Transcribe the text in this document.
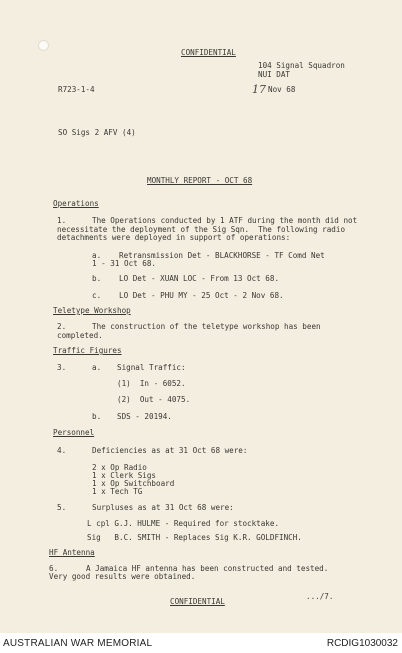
CONFIDENTIAL
104 Signal Squadron
NUI DAT
R723-1-4	17 Nov 68
SO Sigs 2 AFV (4)
MONTHLY REPORT - OCT 68
Operations
1.	The Operations conducted by 1 ATF during the month did not
necessitate the deployment of the Sig Sqn.  The following radio
detachments were deployed in support of operations:
a. Retransmission Det - BLACKHORSE - TF Comd Net
1 - 31 Oct 68.
b. LO Det - XUAN LOC - From 13 Oct 68.
c. LO Det - PHU MY - 25 Oct - 2 Nov 68.
Teletype Workshop
2.	The construction of the teletype workshop has been
completed.
Traffic Figures
3.	a. Signal Traffic:
(1)  In - 6052.
(2)  Out - 4075.
b. SDS - 20194.
Personnel
4.	Deficiencies as at 31 Oct 68 were:
2 x Op Radio
1 x Clerk Sigs
1 x Op Switchboard
1 x Tech TG
5.	Surpluses as at 31 Oct 68 were:
L cpl G.J. HULME - Required for stocktake.
Sig   B.C. SMITH - Replaces Sig K.R. GOLDFINCH.
HF Antenna
6.	A Jamaica HF antenna has been constructed and tested.
Very good results were obtained.
.../7.
CONFIDENTIAL
AUSTRALIAN WAR MEMORIAL	RCDIG1030032
